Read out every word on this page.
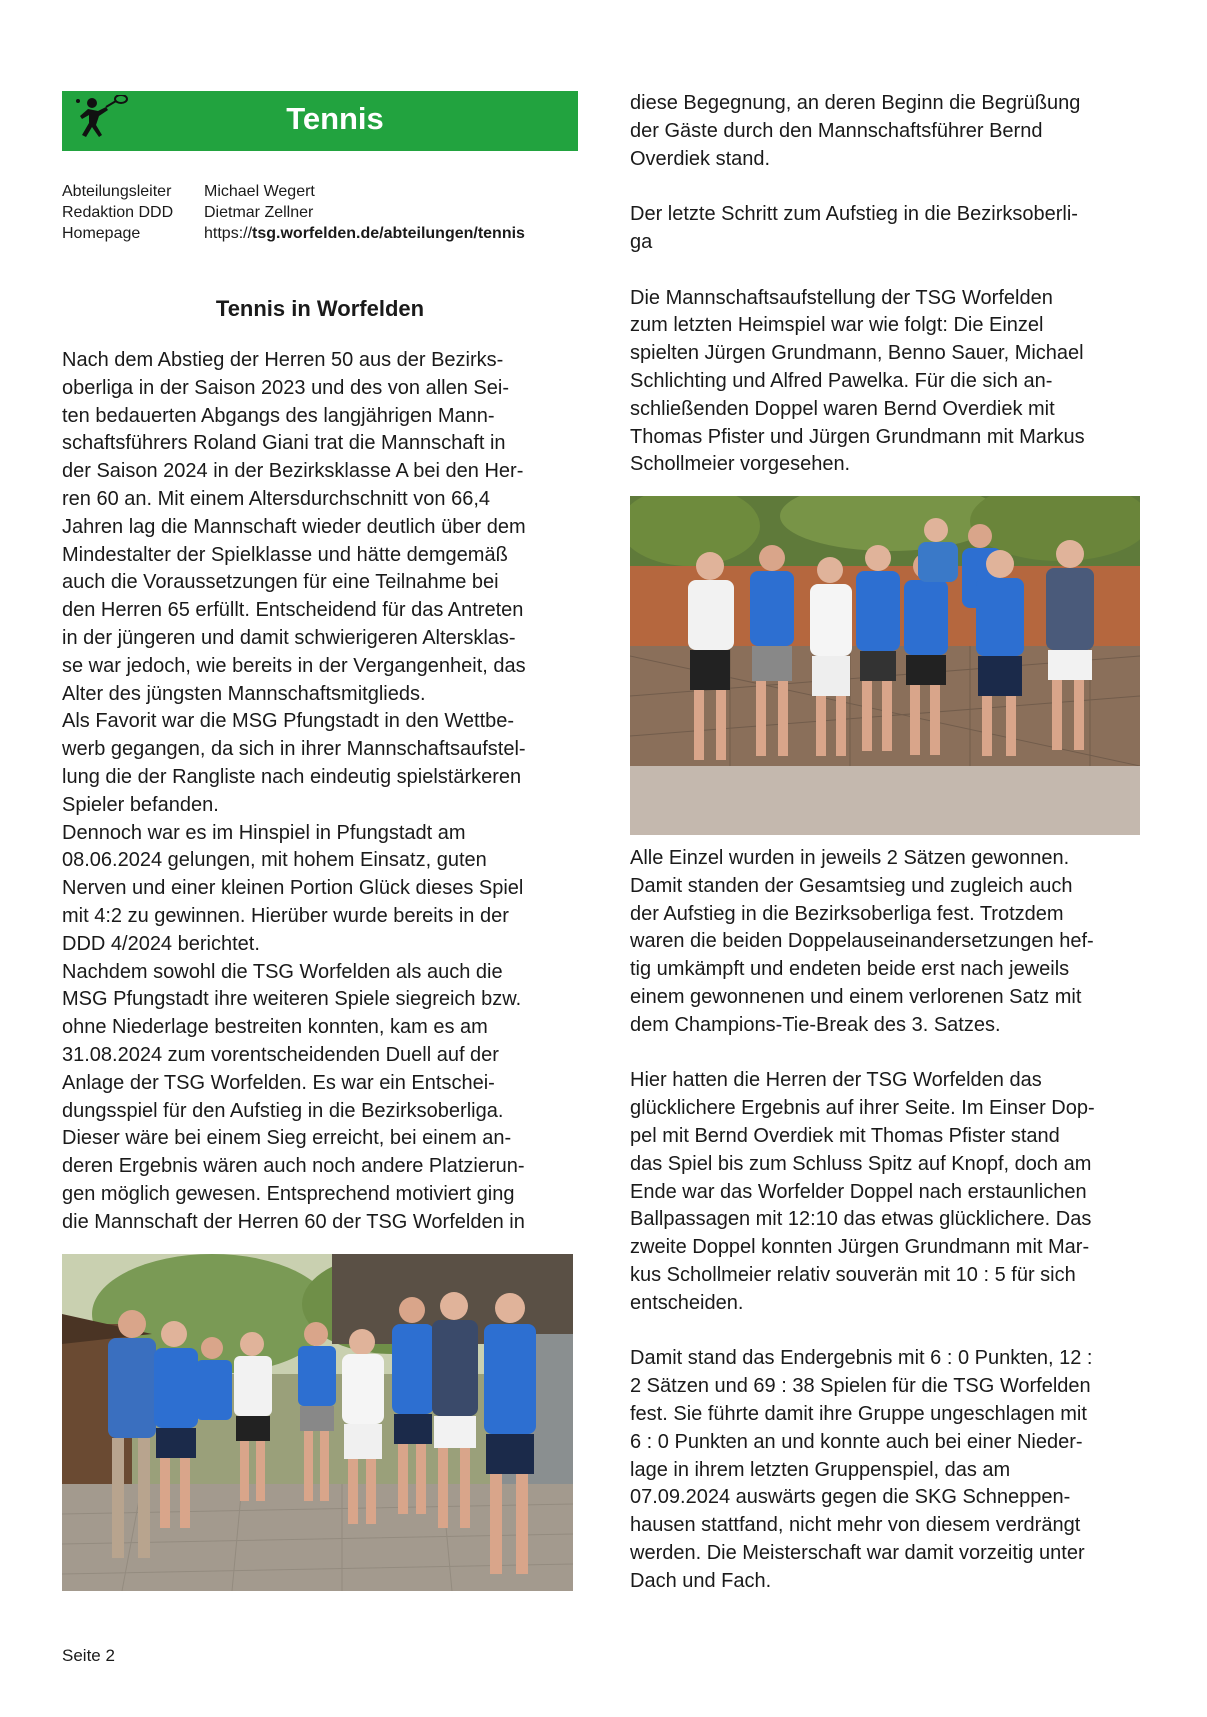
Tennis
Abteilungsleiter	Michael Wegert
Redaktion DDD	Dietmar Zellner
Homepage	https://tsg.worfelden.de/abteilungen/tennis
Tennis in Worfelden
Nach dem Abstieg der Herren 50 aus der Bezirks-
oberliga in der Saison 2023 und des von allen Sei-
ten bedauerten Abgangs des langjährigen Mann-
schaftsführers Roland Giani trat die Mannschaft in
der Saison 2024 in der Bezirksklasse A bei den Her-
ren 60 an. Mit einem Altersdurchschnitt von 66,4
Jahren lag die Mannschaft wieder deutlich über dem
Mindestalter der Spielklasse und hätte demgemäß
auch die Voraussetzungen für eine Teilnahme bei
den Herren 65 erfüllt. Entscheidend für das Antreten
in der jüngeren und damit schwierigeren Altersklas-
se war jedoch, wie bereits in der Vergangenheit, das
Alter des jüngsten Mannschaftsmitglieds.
Als Favorit war die MSG Pfungstadt in den Wettbe-
werb gegangen, da sich in ihrer Mannschaftsaufstel-
lung die der Rangliste nach eindeutig spielstärkeren
Spieler befanden.
Dennoch war es im Hinspiel in Pfungstadt am
08.06.2024 gelungen, mit hohem Einsatz, guten
Nerven und einer kleinen Portion Glück dieses Spiel
mit 4:2 zu gewinnen. Hierüber wurde bereits in der
DDD 4/2024 berichtet.
Nachdem sowohl die TSG Worfelden als auch die
MSG Pfungstadt ihre weiteren Spiele siegreich bzw.
ohne Niederlage bestreiten konnten, kam es am
31.08.2024 zum vorentscheidenden Duell auf der
Anlage der TSG Worfelden. Es war ein Entschei-
dungsspiel für den Aufstieg in die Bezirksoberliga.
Dieser wäre bei einem Sieg erreicht, bei einem an-
deren Ergebnis wären auch noch andere Platzierun-
gen möglich gewesen. Entsprechend motiviert ging
die Mannschaft der Herren 60 der TSG Worfelden in
diese Begegnung, an deren Beginn die Begrüßung
der Gäste durch den Mannschaftsführer Bernd
Overdiek stand.

Der letzte Schritt zum Aufstieg in die Bezirksoberli-
ga

Die Mannschaftsaufstellung der TSG Worfelden
zum letzten Heimspiel war wie folgt: Die Einzel
spielten Jürgen Grundmann, Benno Sauer, Michael
Schlichting und Alfred Pawelka. Für die sich an-
schließenden Doppel waren Bernd Overdiek mit
Thomas Pfister und Jürgen Grundmann mit Markus
Schollmeier vorgesehen.
Alle Einzel wurden in jeweils 2 Sätzen gewonnen.
Damit standen der Gesamtsieg und zugleich auch
der Aufstieg in die Bezirksoberliga fest. Trotzdem
waren die beiden Doppelauseinandersetzungen hef-
tig umkämpft und endeten beide erst nach jeweils
einem gewonnenen und einem verlorenen Satz mit
dem Champions-Tie-Break des 3. Satzes.

Hier hatten die Herren der TSG Worfelden das
glücklichere Ergebnis auf ihrer Seite. Im Einser Dop-
pel mit Bernd Overdiek mit Thomas Pfister stand
das Spiel bis zum Schluss Spitz auf Knopf, doch am
Ende war das Worfelder Doppel nach erstaunlichen
Ballpassagen mit 12:10 das etwas glücklichere. Das
zweite Doppel konnten Jürgen Grundmann mit Mar-
kus Schollmeier relativ souverän mit 10 : 5 für sich
entscheiden.

Damit stand das Endergebnis mit 6 : 0 Punkten, 12 :
2 Sätzen und 69 : 38 Spielen für die TSG Worfelden
fest. Sie führte damit ihre Gruppe ungeschlagen mit
6 : 0 Punkten an und konnte auch bei einer Nieder-
lage in ihrem letzten Gruppenspiel, das am
07.09.2024 auswärts gegen die SKG Schneppen-
hausen stattfand, nicht mehr von diesem verdrängt
werden. Die Meisterschaft war damit vorzeitig unter
Dach und Fach.
Seite 2
